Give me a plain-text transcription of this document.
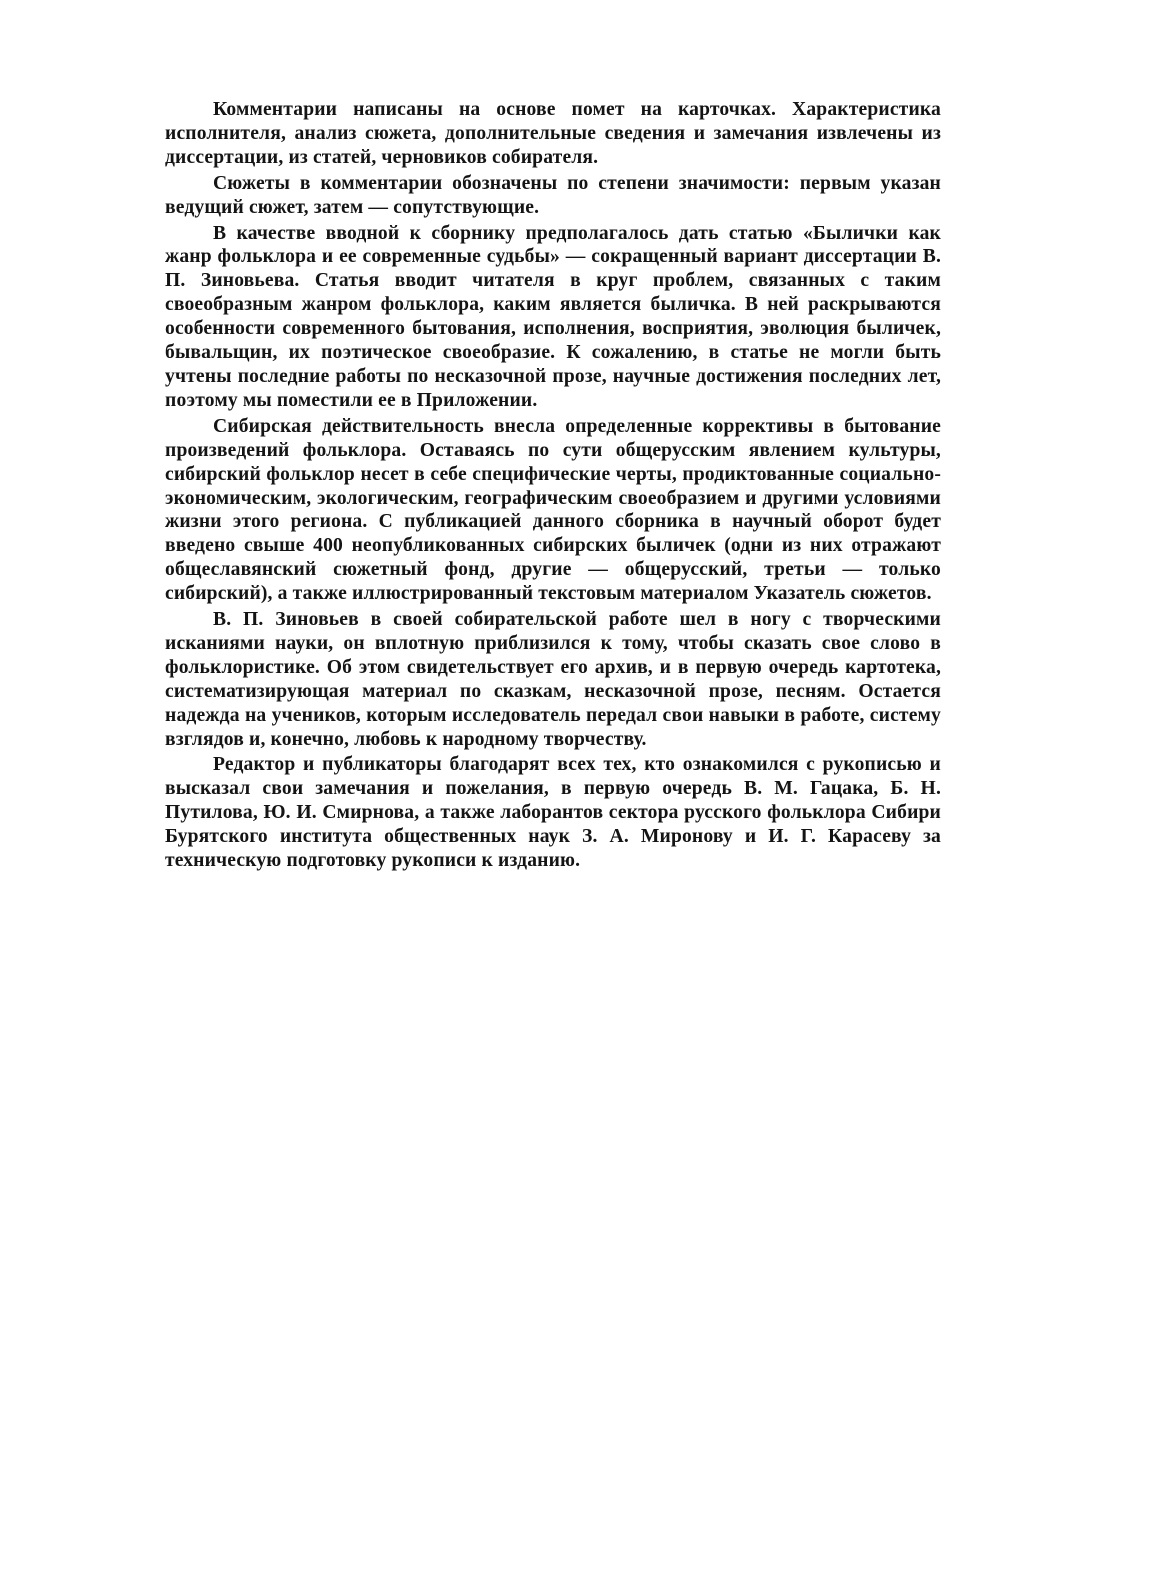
Комментарии написаны на основе помет на карточках. Характеристика исполнителя, анализ сюжета, дополнительные сведения и замечания извлечены из диссертации, из статей, черновиков собирателя.

Сюжеты в комментарии обозначены по степени значимости: первым указан ведущий сюжет, затем — сопутствующие.

В качестве вводной к сборнику предполагалось дать статью «Былички как жанр фольклора и ее современные судьбы» — сокращенный вариант диссертации В. П. Зиновьева. Статья вводит читателя в круг проблем, связанных с таким своеобразным жанром фольклора, каким является быличка. В ней раскрываются особенности современного бытования, исполнения, восприятия, эволюция быличек, бывальщин, их поэтическое своеобразие. К сожалению, в статье не могли быть учтены последние работы по несказочной прозе, научные достижения последних лет, поэтому мы поместили ее в Приложении.

Сибирская действительность внесла определенные коррективы в бытование произведений фольклора. Оставаясь по сути общерусским явлением культуры, сибирский фольклор несет в себе специфические черты, продиктованные социально-экономическим, экологическим, географическим своеобразием и другими условиями жизни этого региона. С публикацией данного сборника в научный оборот будет введено свыше 400 неопубликованных сибирских быличек (одни из них отражают общеславянский сюжетный фонд, другие — общерусский, третьи — только сибирский), а также иллюстрированный текстовым материалом Указатель сюжетов.

В. П. Зиновьев в своей собирательской работе шел в ногу с творческими исканиями науки, он вплотную приблизился к тому, чтобы сказать свое слово в фольклористике. Об этом свидетельствует его архив, и в первую очередь картотека, систематизирующая материал по сказкам, несказочной прозе, песням. Остается надежда на учеников, которым исследователь передал свои навыки в работе, систему взглядов и, конечно, любовь к народному творчеству.

Редактор и публикаторы благодарят всех тех, кто ознакомился с рукописью и высказал свои замечания и пожелания, в первую очередь В. М. Гацака, Б. Н. Путилова, Ю. И. Смирнова, а также лаборантов сектора русского фольклора Сибири Бурятского института общественных наук З. А. Миронову и И. Г. Карасеву за техническую подготовку рукописи к изданию.
